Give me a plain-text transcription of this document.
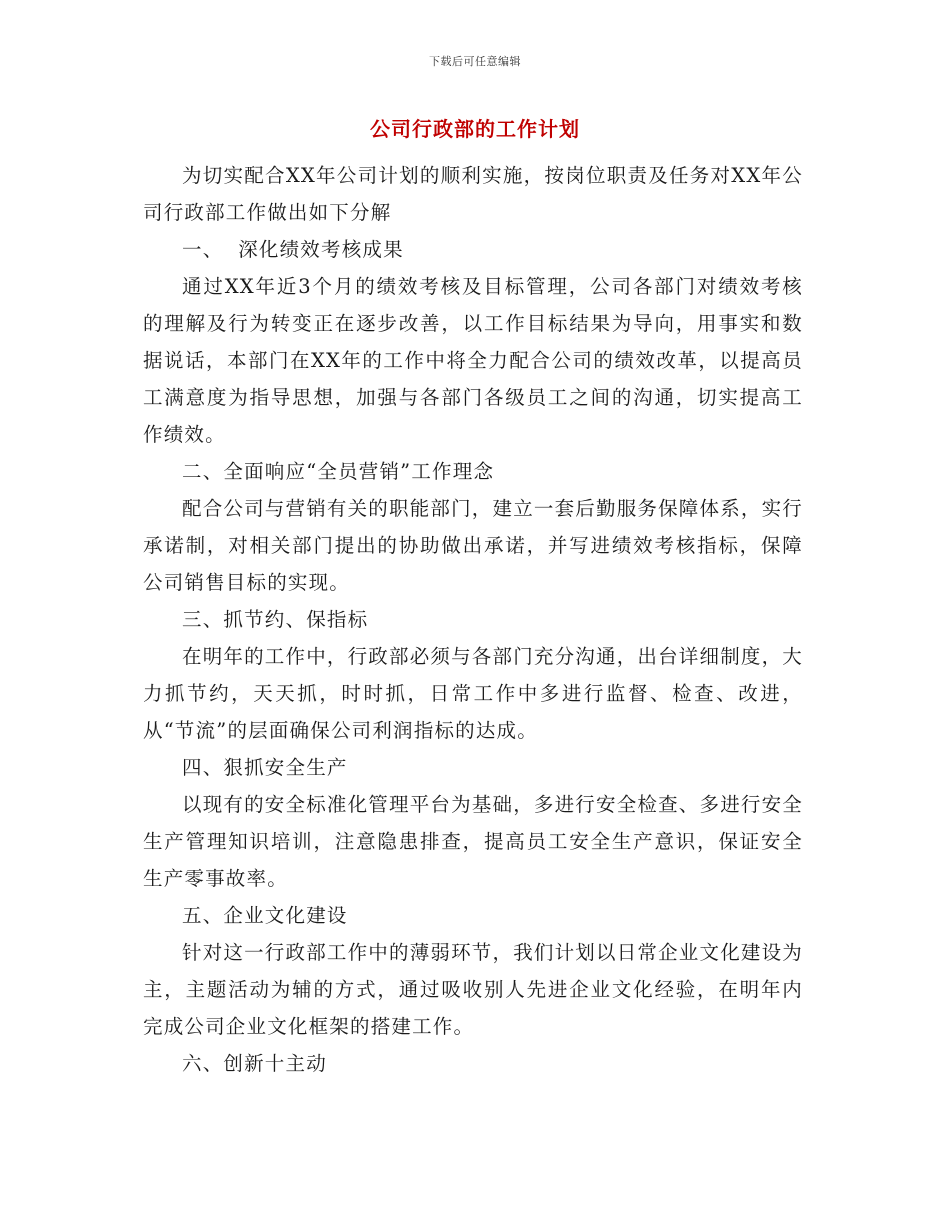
下载后可任意编辑
公司行政部的工作计划

为切实配合XX年公司计划的顺利实施，按岗位职责及任务对XX年公司行政部工作做出如下分解

一、  深化绩效考核成果

通过XX年近3个月的绩效考核及目标管理，公司各部门对绩效考核的理解及行为转变正在逐步改善，以工作目标结果为导向，用事实和数据说话，本部门在XX年的工作中将全力配合公司的绩效改革，以提高员工满意度为指导思想，加强与各部门各级员工之间的沟通，切实提高工作绩效。

二、全面响应“全员营销”工作理念

配合公司与营销有关的职能部门，建立一套后勤服务保障体系，实行承诺制，对相关部门提出的协助做出承诺，并写进绩效考核指标，保障公司销售目标的实现。

三、抓节约、保指标

在明年的工作中，行政部必须与各部门充分沟通，出台详细制度，大力抓节约，天天抓，时时抓，日常工作中多进行监督、检查、改进，从“节流”的层面确保公司利润指标的达成。

四、狠抓安全生产

以现有的安全标准化管理平台为基础，多进行安全检查、多进行安全生产管理知识培训，注意隐患排查，提高员工安全生产意识，保证安全生产零事故率。

五、企业文化建设

针对这一行政部工作中的薄弱环节，我们计划以日常企业文化建设为主，主题活动为辅的方式，通过吸收别人先进企业文化经验，在明年内完成公司企业文化框架的搭建工作。

六、创新十主动
